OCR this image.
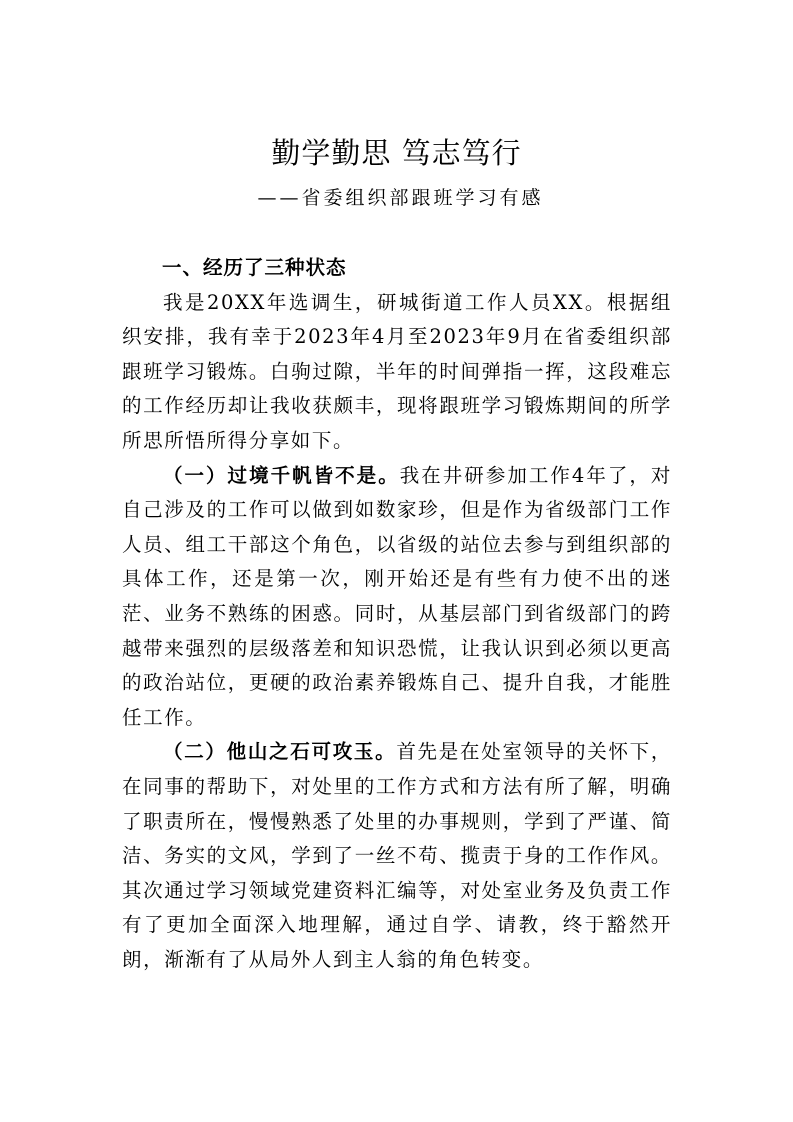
勤学勤思 笃志笃行
——省委组织部跟班学习有感

一、经历了三种状态

我是20XX年选调生，研城街道工作人员XX。根据组织安排，我有幸于2023年4月至2023年9月在省委组织部跟班学习锻炼。白驹过隙，半年的时间弹指一挥，这段难忘的工作经历却让我收获颇丰，现将跟班学习锻炼期间的所学所思所悟所得分享如下。

（一）过境千帆皆不是。我在井研参加工作4年了，对自己涉及的工作可以做到如数家珍，但是作为省级部门工作人员、组工干部这个角色，以省级的站位去参与到组织部的具体工作，还是第一次，刚开始还是有些有力使不出的迷茫、业务不熟练的困惑。同时，从基层部门到省级部门的跨越带来强烈的层级落差和知识恐慌，让我认识到必须以更高的政治站位，更硬的政治素养锻炼自己、提升自我，才能胜任工作。

（二）他山之石可攻玉。首先是在处室领导的关怀下，在同事的帮助下，对处里的工作方式和方法有所了解，明确了职责所在，慢慢熟悉了处里的办事规则，学到了严谨、简洁、务实的文风，学到了一丝不苟、揽责于身的工作作风。其次通过学习领域党建资料汇编等，对处室业务及负责工作有了更加全面深入地理解，通过自学、请教，终于豁然开朗，渐渐有了从局外人到主人翁的角色转变。
